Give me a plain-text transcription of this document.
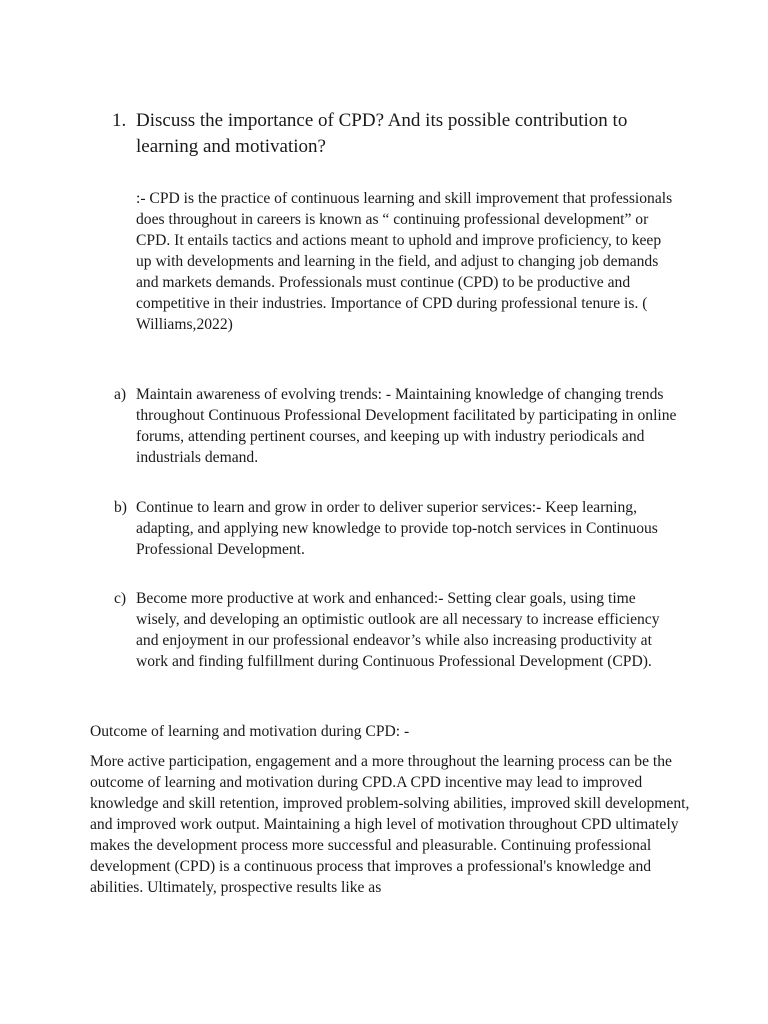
1. Discuss the importance of CPD? And its possible contribution to learning and motivation?
:- CPD is the practice of continuous learning and skill improvement that professionals does throughout in careers is known as “ continuing professional development” or CPD. It entails tactics and actions meant to uphold and improve proficiency, to keep up with developments and learning in the field, and adjust to changing job demands and markets demands. Professionals must continue (CPD) to be productive and competitive in their industries. Importance of CPD during professional tenure is. ( Williams,2022)
a) Maintain awareness of evolving trends: - Maintaining knowledge of changing trends throughout Continuous Professional Development facilitated by participating in online forums, attending pertinent courses, and keeping up with industry periodicals and industrials demand.
b) Continue to learn and grow in order to deliver superior services:- Keep learning, adapting, and applying new knowledge to provide top-notch services in Continuous Professional Development.
c) Become more productive at work and enhanced:- Setting clear goals, using time wisely, and developing an optimistic outlook are all necessary to increase efficiency and enjoyment in our professional endeavor’s while also increasing productivity at work and finding fulfillment during Continuous Professional Development (CPD).
Outcome of learning and motivation during CPD: -
More active participation, engagement and a more throughout the learning process can be the outcome of learning and motivation during CPD.A CPD incentive may lead to improved knowledge and skill retention, improved problem-solving abilities, improved skill development, and improved work output. Maintaining a high level of motivation throughout CPD ultimately makes the development process more successful and pleasurable. Continuing professional development (CPD) is a continuous process that improves a professional's knowledge and abilities. Ultimately, prospective results like as
